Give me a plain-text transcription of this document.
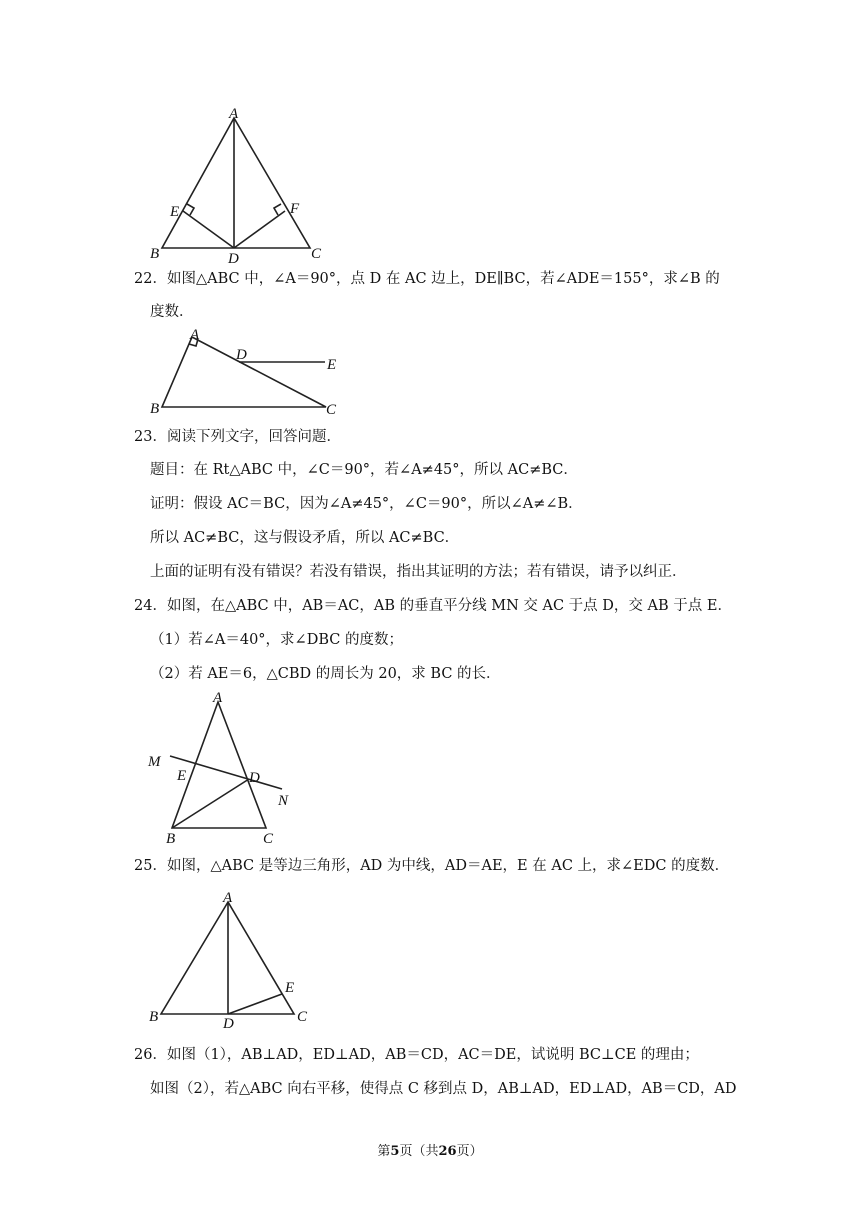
A
B	C
D
E	F
22．如图△ABC 中，∠A＝90°，点 D 在 AC 边上，DE∥BC，若∠ADE＝155°，求∠B 的
度数．
A
B	C
D
E
23．阅读下列文字，回答问题．
题目：在 Rt△ABC 中，∠C＝90°，若∠A≠45°，所以 AC≠BC．
证明：假设 AC＝BC，因为∠A≠45°，∠C＝90°，所以∠A≠∠B．
所以 AC≠BC，这与假设矛盾，所以 AC≠BC．
上面的证明有没有错误？若没有错误，指出其证明的方法；若有错误，请予以纠正．
24．如图，在△ABC 中，AB＝AC，AB 的垂直平分线 MN 交 AC 于点 D，交 AB 于点 E．
（1）若∠A＝40°，求∠DBC 的度数；
（2）若 AE＝6，△CBD 的周长为 20，求 BC 的长．
A
B	C
D
E
M
N
25．如图，△ABC 是等边三角形，AD 为中线，AD＝AE，E 在 AC 上，求∠EDC 的度数．
A
B	C
D
E
26．如图（1），AB⊥AD，ED⊥AD，AB＝CD，AC＝DE，试说明 BC⊥CE 的理由；
如图（2），若△ABC 向右平移，使得点 C 移到点 D，AB⊥AD，ED⊥AD，AB＝CD，AD
第5页（共26页）
